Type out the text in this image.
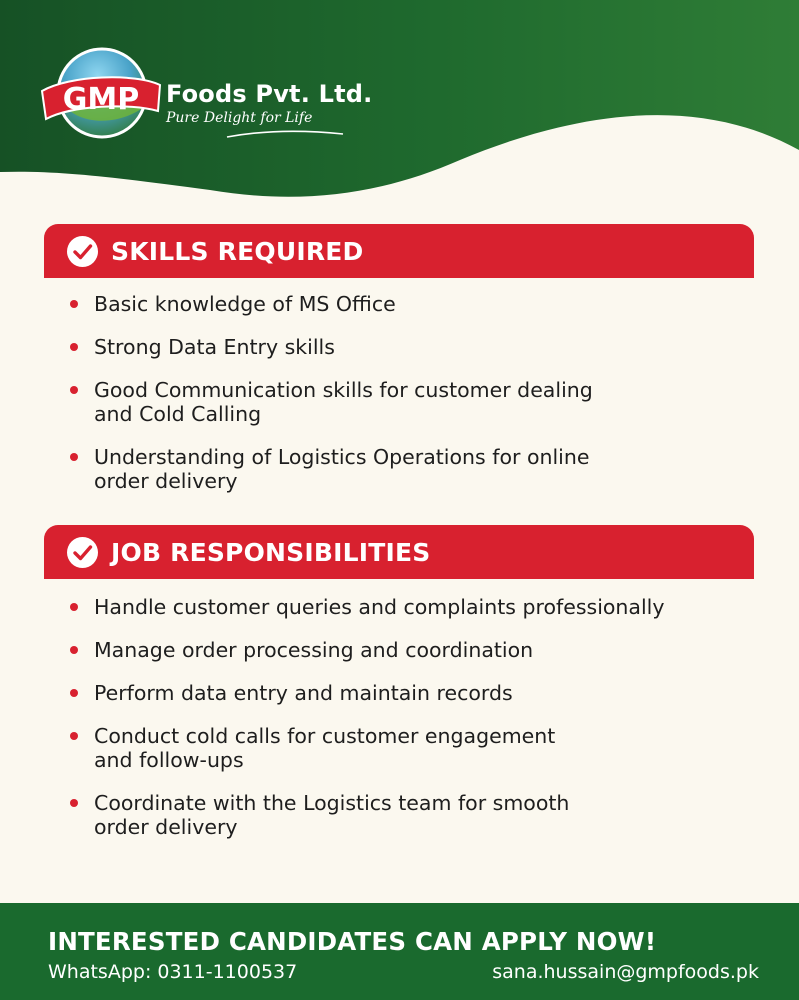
GMP Foods Pvt. Ltd.
Pure Delight for Life
SKILLS REQUIRED
Basic knowledge of MS Office
Strong Data Entry skills
Good Communication skills for customer dealing
and Cold Calling
Understanding of Logistics Operations for online
order delivery
JOB RESPONSIBILITIES
Handle customer queries and complaints professionally
Manage order processing and coordination
Perform data entry and maintain records
Conduct cold calls for customer engagement
and follow-ups
Coordinate with the Logistics team for smooth
order delivery
INTERESTED CANDIDATES CAN APPLY NOW!
WhatsApp: 0311-1100537	sana.hussain@gmpfoods.pk
